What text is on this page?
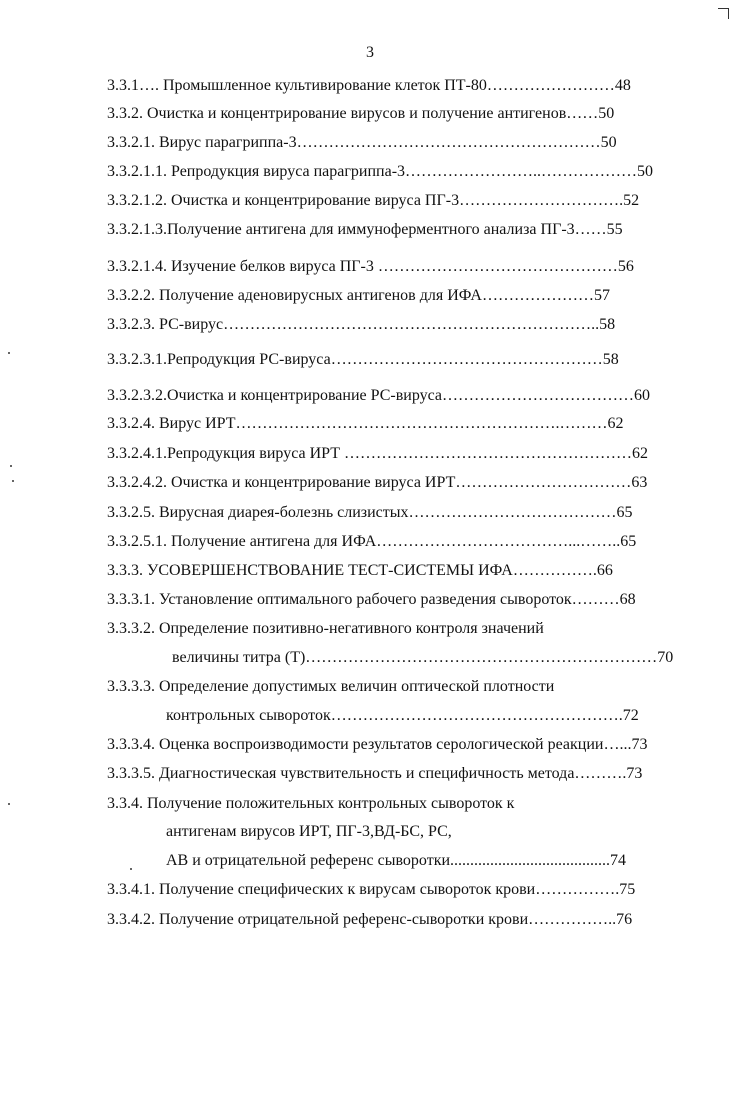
3
3.3.1…. Промышленное культивирование клеток ПТ-80……………………48
3.3.2. Очистка и концентрирование вирусов и получение антигенов……50
3.3.2.1. Вирус парагриппа-3…………………………………………………50
3.3.2.1.1. Репродукция вируса парагриппа-3……………………..………………50
3.3.2.1.2. Очистка и концентрирование вируса ПГ-3………………………….52
3.3.2.1.3.Получение антигена для иммуноферментного анализа ПГ-3……55
3.3.2.1.4. Изучение белков вируса ПГ-3 ………………………………………56
3.3.2.2. Получение аденовирусных антигенов для ИФА…………………57
3.3.2.3. РС-вирус……………………………………………………………..58
3.3.2.3.1.Репродукция РС-вируса……………………………………………58
3.3.2.3.2.Очистка и концентрирование РС-вируса………………………………60
3.3.2.4. Вирус ИРТ…………………………………………………….………62
3.3.2.4.1.Репродукция вируса ИРТ ………………………………………………62
3.3.2.4.2. Очистка и концентрирование вируса ИРТ……………………………63
3.3.2.5. Вирусная диарея-болезнь слизистых…………………………………65
3.3.2.5.1. Получение антигена для ИФА………………………………...……..65
3.3.3. УСОВЕРШЕНСТВОВАНИЕ ТЕСТ-СИСТЕМЫ ИФА…………….66
3.3.3.1. Установление оптимального рабочего разведения сывороток………68
3.3.3.2. Определение позитивно-негативного контроля значений
величины титра (Т)…………………………………………………………70
3.3.3.3. Определение допустимых величин оптической плотности
контрольных сывороток……………………………………………….72
3.3.3.4. Оценка воспроизводимости результатов серологической реакции…...73
3.3.3.5. Диагностическая чувствительность и специфичность метода……….73
3.3.4. Получение положительных контрольных сывороток к
антигенам вирусов ИРТ, ПГ-3,ВД-БС, РС,
АВ и отрицательной референс сыворотки........................................74
3.3.4.1. Получение специфических к вирусам сывороток крови…………….75
3.3.4.2. Получение отрицательной референс-сыворотки крови……………..76
